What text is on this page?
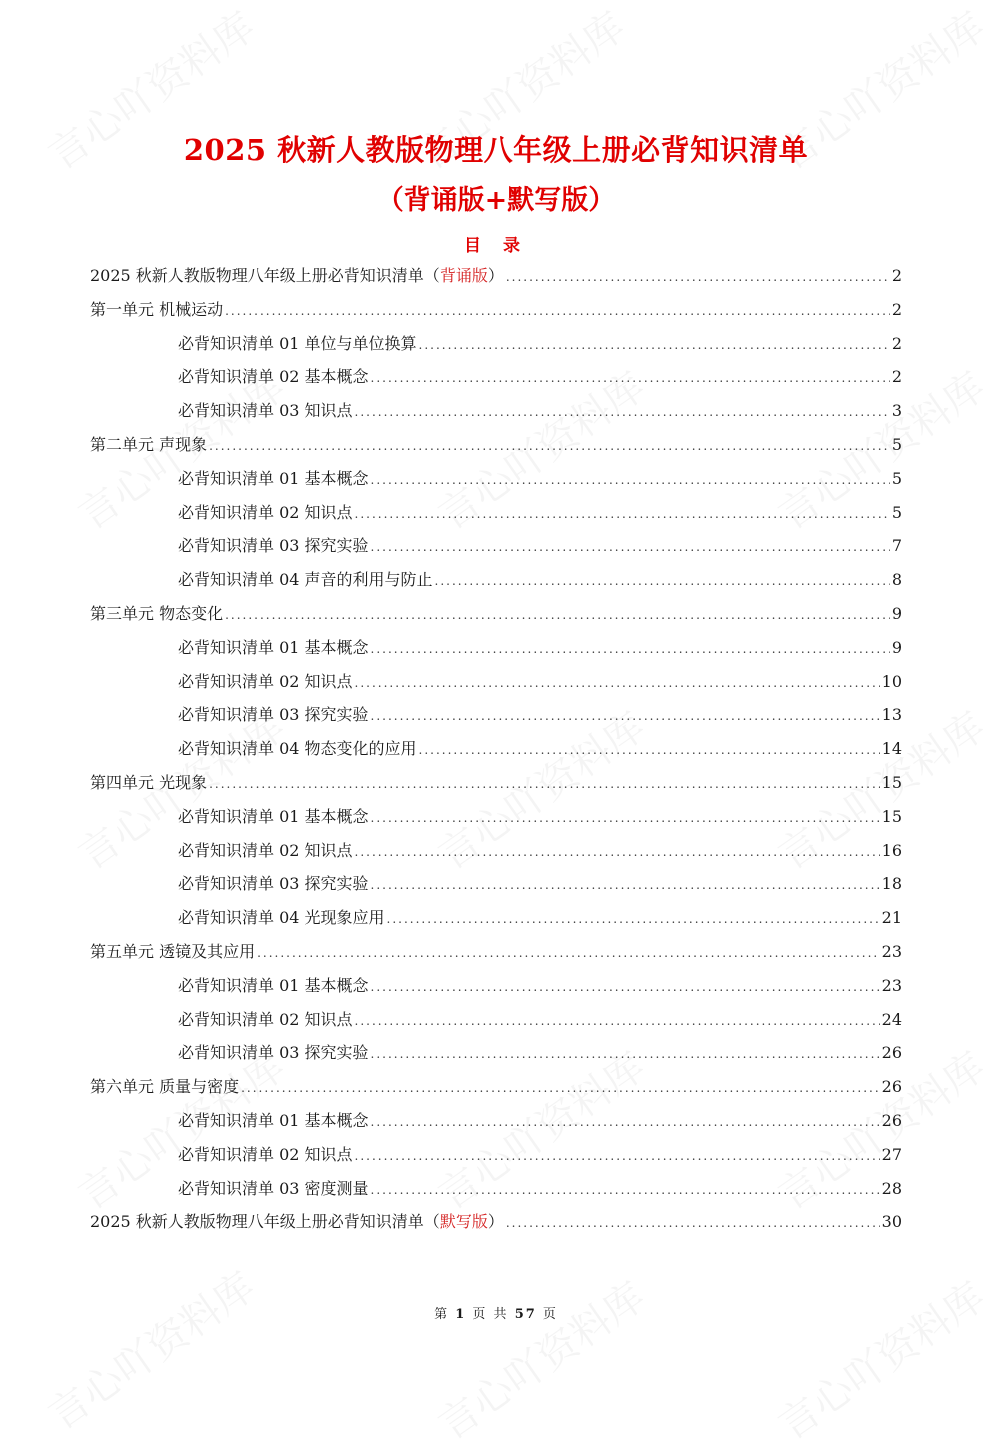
2025 秋新人教版物理八年级上册必背知识清单
（背诵版+默写版）
目 录
2025 秋新人教版物理八年级上册必背知识清单（背诵版） .....	2
第一单元 机械运动 .....	2
必背知识清单 01 单位与单位换算 .....	2
必背知识清单 02 基本概念 .....	2
必背知识清单 03 知识点 .....	3
第二单元 声现象 .....	5
必背知识清单 01 基本概念 .....	5
必背知识清单 02 知识点 .....	5
必背知识清单 03 探究实验 .....	7
必背知识清单 04 声音的利用与防止 .....	8
第三单元 物态变化 .....	9
必背知识清单 01 基本概念 .....	9
必背知识清单 02 知识点 .....	10
必背知识清单 03 探究实验 .....	13
必背知识清单 04 物态变化的应用 .....	14
第四单元 光现象 .....	15
必背知识清单 01 基本概念 .....	15
必背知识清单 02 知识点 .....	16
必背知识清单 03 探究实验 .....	18
必背知识清单 04 光现象应用 .....	21
第五单元 透镜及其应用 .....	23
必背知识清单 01 基本概念 .....	23
必背知识清单 02 知识点 .....	24
必背知识清单 03 探究实验 .....	26
第六单元 质量与密度 .....	26
必背知识清单 01 基本概念 .....	26
必背知识清单 02 知识点 .....	27
必背知识清单 03 密度测量 .....	28
2025 秋新人教版物理八年级上册必背知识清单（默写版） .....	30
第 1 页 共 57 页
